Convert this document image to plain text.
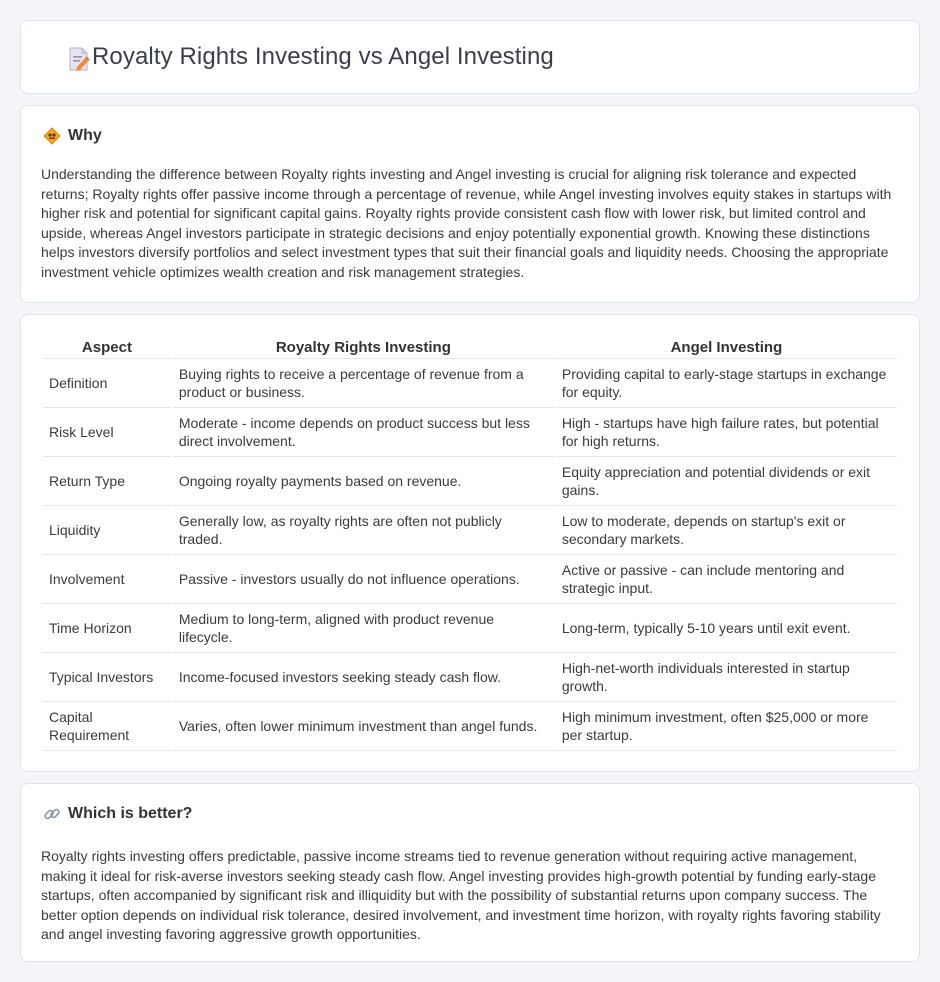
Royalty Rights Investing vs Angel Investing
Why

Understanding the difference between Royalty rights investing and Angel investing is crucial for aligning risk tolerance and expected returns; Royalty rights offer passive income through a percentage of revenue, while Angel investing involves equity stakes in startups with higher risk and potential for significant capital gains. Royalty rights provide consistent cash flow with lower risk, but limited control and upside, whereas Angel investors participate in strategic decisions and enjoy potentially exponential growth. Knowing these distinctions helps investors diversify portfolios and select investment types that suit their financial goals and liquidity needs. Choosing the appropriate investment vehicle optimizes wealth creation and risk management strategies.

Aspect	Royalty Rights Investing	Angel Investing
Definition	Buying rights to receive a percentage of revenue from a product or business.	Providing capital to early-stage startups in exchange for equity.
Risk Level	Moderate - income depends on product success but less direct involvement.	High - startups have high failure rates, but potential for high returns.
Return Type	Ongoing royalty payments based on revenue.	Equity appreciation and potential dividends or exit gains.
Liquidity	Generally low, as royalty rights are often not publicly traded.	Low to moderate, depends on startup's exit or secondary markets.
Involvement	Passive - investors usually do not influence operations.	Active or passive - can include mentoring and strategic input.
Time Horizon	Medium to long-term, aligned with product revenue lifecycle.	Long-term, typically 5-10 years until exit event.
Typical Investors	Income-focused investors seeking steady cash flow.	High-net-worth individuals interested in startup growth.
Capital Requirement	Varies, often lower minimum investment than angel funds.	High minimum investment, often $25,000 or more per startup.
Which is better?

Royalty rights investing offers predictable, passive income streams tied to revenue generation without requiring active management, making it ideal for risk-averse investors seeking steady cash flow. Angel investing provides high-growth potential by funding early-stage startups, often accompanied by significant risk and illiquidity but with the possibility of substantial returns upon company success. The better option depends on individual risk tolerance, desired involvement, and investment time horizon, with royalty rights favoring stability and angel investing favoring aggressive growth opportunities.
